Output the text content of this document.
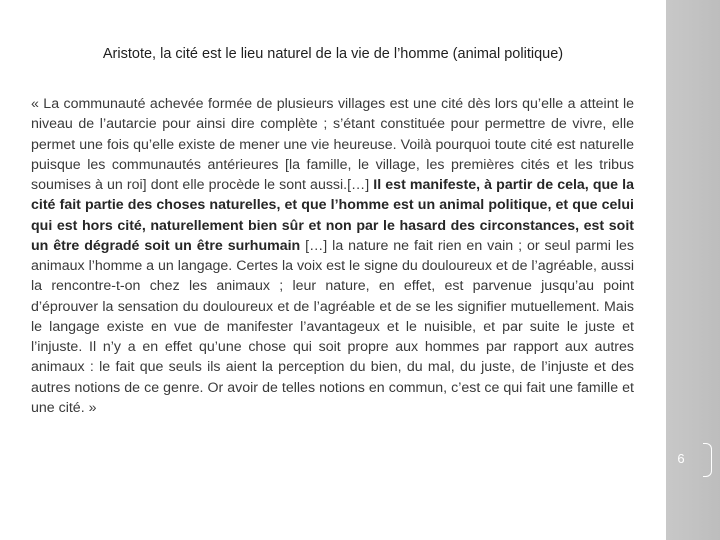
Aristote, la cité est le lieu naturel de la vie de l’homme (animal politique)

« La communauté achevée formée de plusieurs villages est une cité dès lors qu’elle a atteint le niveau de l’autarcie pour ainsi dire complète ; s’étant constituée pour permettre de vivre, elle permet une fois qu’elle existe de mener une vie heureuse. Voilà pourquoi toute cité est naturelle puisque les communautés antérieures [la famille, le village, les premières cités et les tribus soumises à un roi] dont elle procède le sont aussi.[…] Il est manifeste, à partir de cela, que la cité fait partie des choses naturelles, et que l’homme est un animal politique, et que celui qui est hors cité, naturellement bien sûr et non par le hasard des circonstances, est soit un être dégradé soit un être surhumain […] la nature ne fait rien en vain ; or seul parmi les animaux l’homme a un langage. Certes la voix est le signe du douloureux et de l’agréable, aussi la rencontre-t-on chez les animaux ; leur nature, en effet, est parvenue jusqu’au point d’éprouver la sensation du douloureux et de l’agréable et de se les signifier mutuellement. Mais le langage existe en vue de manifester l’avantageux et le nuisible, et par suite le juste et l’injuste. Il n’y a en effet qu’une chose qui soit propre aux hommes par rapport aux autres animaux : le fait que seuls ils aient la perception du bien, du mal, du juste, de l’injuste et des autres notions de ce genre. Or avoir de telles notions en commun, c’est ce qui fait une famille et une cité. »

6
